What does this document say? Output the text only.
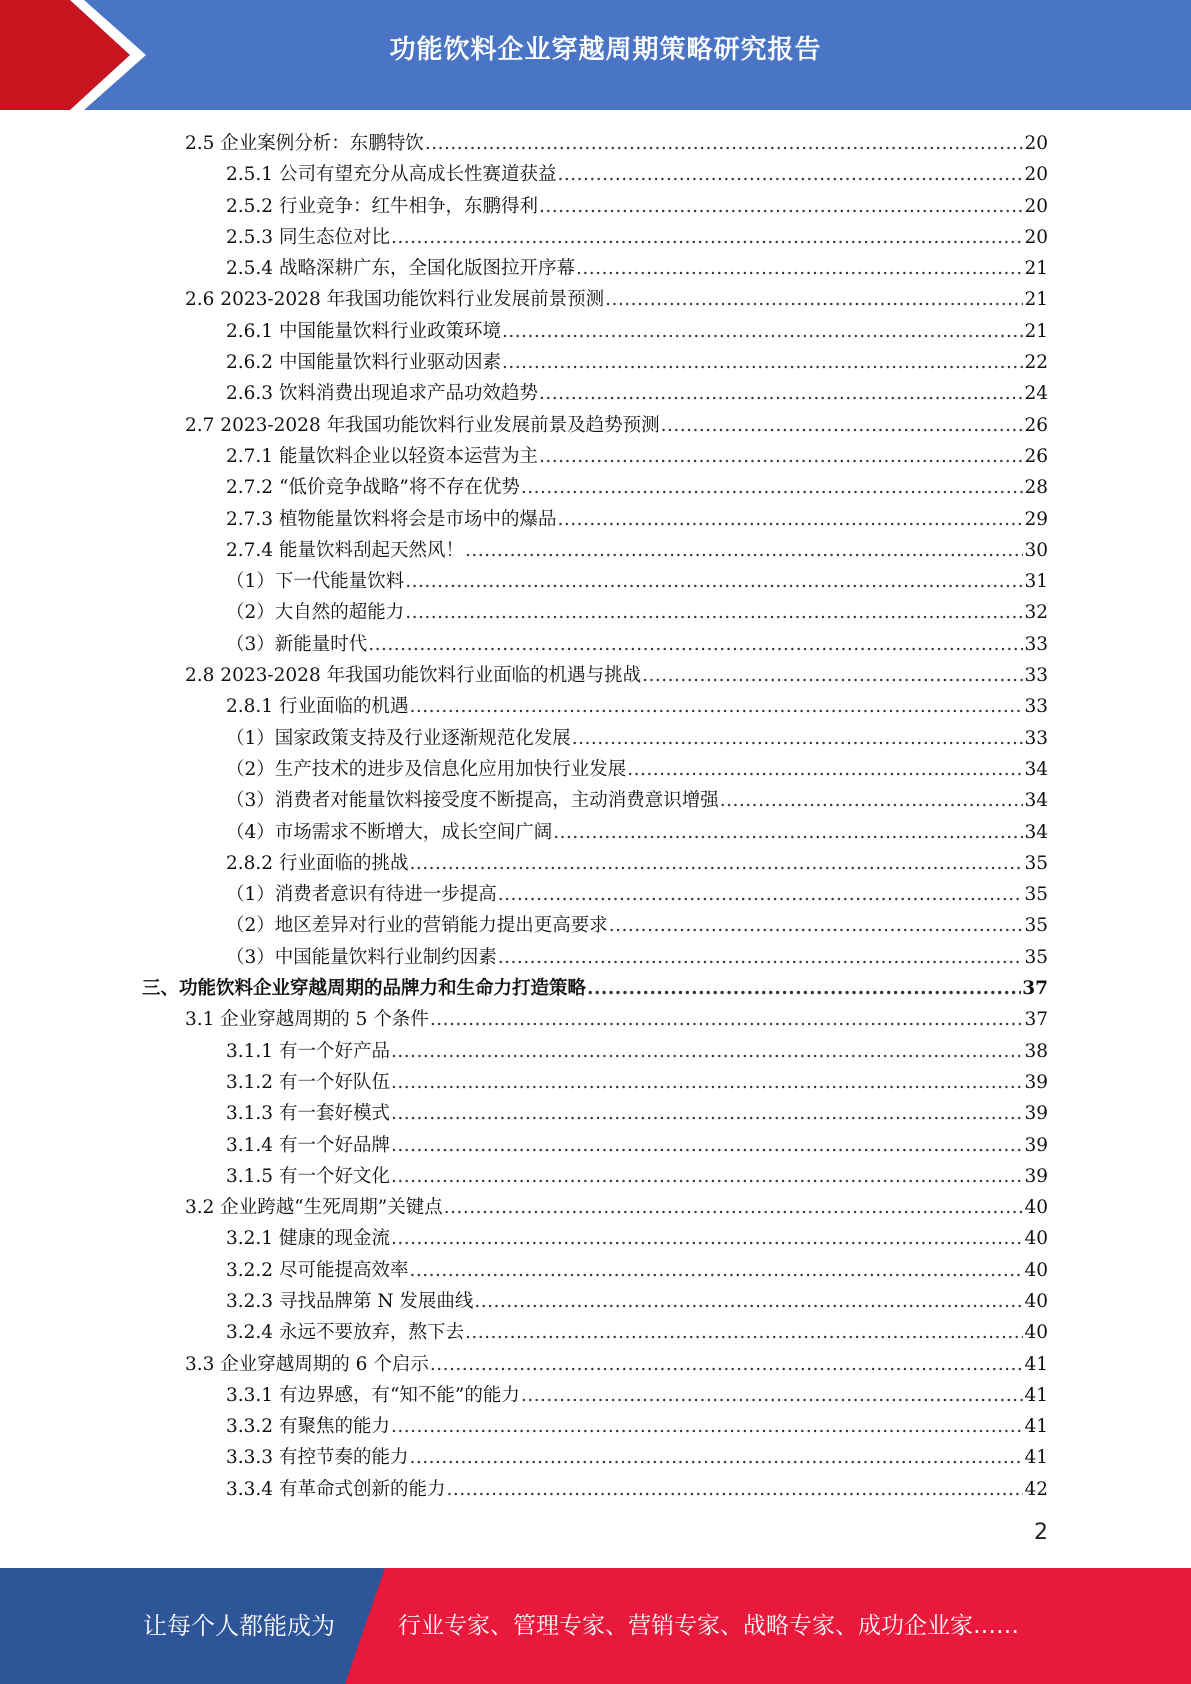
功能饮料企业穿越周期策略研究报告
2.5 企业案例分析：东鹏特饮 .....	20
2.5.1 公司有望充分从高成长性赛道获益 .....	20
2.5.2 行业竞争：红牛相争，东鹏得利 .....	20
2.5.3 同生态位对比 .....	20
2.5.4 战略深耕广东，全国化版图拉开序幕 .....	21
2.6 2023-2028 年我国功能饮料行业发展前景预测 .....	21
2.6.1 中国能量饮料行业政策环境 .....	21
2.6.2 中国能量饮料行业驱动因素 .....	22
2.6.3 饮料消费出现追求产品功效趋势 .....	24
2.7 2023-2028 年我国功能饮料行业发展前景及趋势预测 .....	26
2.7.1 能量饮料企业以轻资本运营为主 .....	26
2.7.2 “低价竞争战略”将不存在优势 .....	28
2.7.3 植物能量饮料将会是市场中的爆品 .....	29
2.7.4 能量饮料刮起天然风！ .....	30
（1）下一代能量饮料 .....	31
（2）大自然的超能力 .....	32
（3）新能量时代 .....	33
2.8 2023-2028 年我国功能饮料行业面临的机遇与挑战 .....	33
2.8.1 行业面临的机遇 .....	33
（1）国家政策支持及行业逐渐规范化发展 .....	33
（2）生产技术的进步及信息化应用加快行业发展 .....	34
（3）消费者对能量饮料接受度不断提高，主动消费意识增强 .....	34
（4）市场需求不断增大，成长空间广阔 .....	34
2.8.2 行业面临的挑战 .....	35
（1）消费者意识有待进一步提高 .....	35
（2）地区差异对行业的营销能力提出更高要求 .....	35
（3）中国能量饮料行业制约因素 .....	35
三、功能饮料企业穿越周期的品牌力和生命力打造策略 .....	37
3.1 企业穿越周期的 5 个条件 .....	37
3.1.1 有一个好产品 .....	38
3.1.2 有一个好队伍 .....	39
3.1.3 有一套好模式 .....	39
3.1.4 有一个好品牌 .....	39
3.1.5 有一个好文化 .....	39
3.2 企业跨越“生死周期”关键点 .....	40
3.2.1 健康的现金流 .....	40
3.2.2 尽可能提高效率 .....	40
3.2.3 寻找品牌第 N 发展曲线 .....	40
3.2.4 永远不要放弃，熬下去 .....	40
3.3 企业穿越周期的 6 个启示 .....	41
3.3.1 有边界感，有“知不能”的能力 .....	41
3.3.2 有聚焦的能力 .....	41
3.3.3 有控节奏的能力 .....	41
3.3.4 有革命式创新的能力 .....	42
2
让每个人都能成为	行业专家、管理专家、营销专家、战略专家、成功企业家……
